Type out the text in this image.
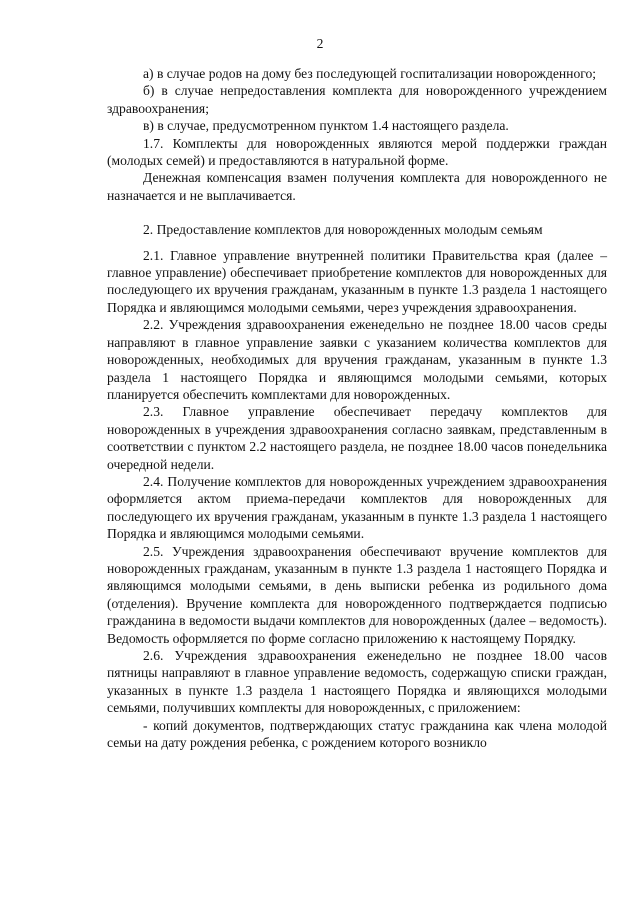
2

а) в случае родов на дому без последующей госпитализации новорожденного;

б) в случае непредоставления комплекта для новорожденного учреждением здравоохранения;

в) в случае, предусмотренном пунктом 1.4 настоящего раздела.

1.7. Комплекты для новорожденных являются мерой поддержки граждан (молодых семей) и предоставляются в натуральной форме.

Денежная компенсация взамен получения комплекта для новорожденного не назначается и не выплачивается.

2. Предоставление комплектов для новорожденных молодым семьям

2.1. Главное управление внутренней политики Правительства края (далее – главное управление) обеспечивает приобретение комплектов для новорожденных для последующего их вручения гражданам, указанным в пункте 1.3 раздела 1 настоящего Порядка и являющимся молодыми семьями, через учреждения здравоохранения.

2.2. Учреждения здравоохранения еженедельно не позднее 18.00 часов среды направляют в главное управление заявки с указанием количества комплектов для новорожденных, необходимых для вручения гражданам, указанным в пункте 1.3 раздела 1 настоящего Порядка и являющимся молодыми семьями, которых планируется обеспечить комплектами для новорожденных.

2.3. Главное управление обеспечивает передачу комплектов для новорожденных в учреждения здравоохранения согласно заявкам, представленным в соответствии с пунктом 2.2 настоящего раздела, не позднее 18.00 часов понедельника очередной недели.

2.4. Получение комплектов для новорожденных учреждением здравоохранения оформляется актом приема-передачи комплектов для новорожденных для последующего их вручения гражданам, указанным в пункте 1.3 раздела 1 настоящего Порядка и являющимся молодыми семьями.

2.5. Учреждения здравоохранения обеспечивают вручение комплектов для новорожденных гражданам, указанным в пункте 1.3 раздела 1 настоящего Порядка и являющимся молодыми семьями, в день выписки ребенка из родильного дома (отделения). Вручение комплекта для новорожденного подтверждается подписью гражданина в ведомости выдачи комплектов для новорожденных (далее – ведомость). Ведомость оформляется по форме согласно приложению к настоящему Порядку.

2.6. Учреждения здравоохранения еженедельно не позднее 18.00 часов пятницы направляют в главное управление ведомость, содержащую списки граждан, указанных в пункте 1.3 раздела 1 настоящего Порядка и являющихся молодыми семьями, получивших комплекты для новорожденных, с приложением:

- копий документов, подтверждающих статус гражданина как члена молодой семьи на дату рождения ребенка, с рождением которого возникло
